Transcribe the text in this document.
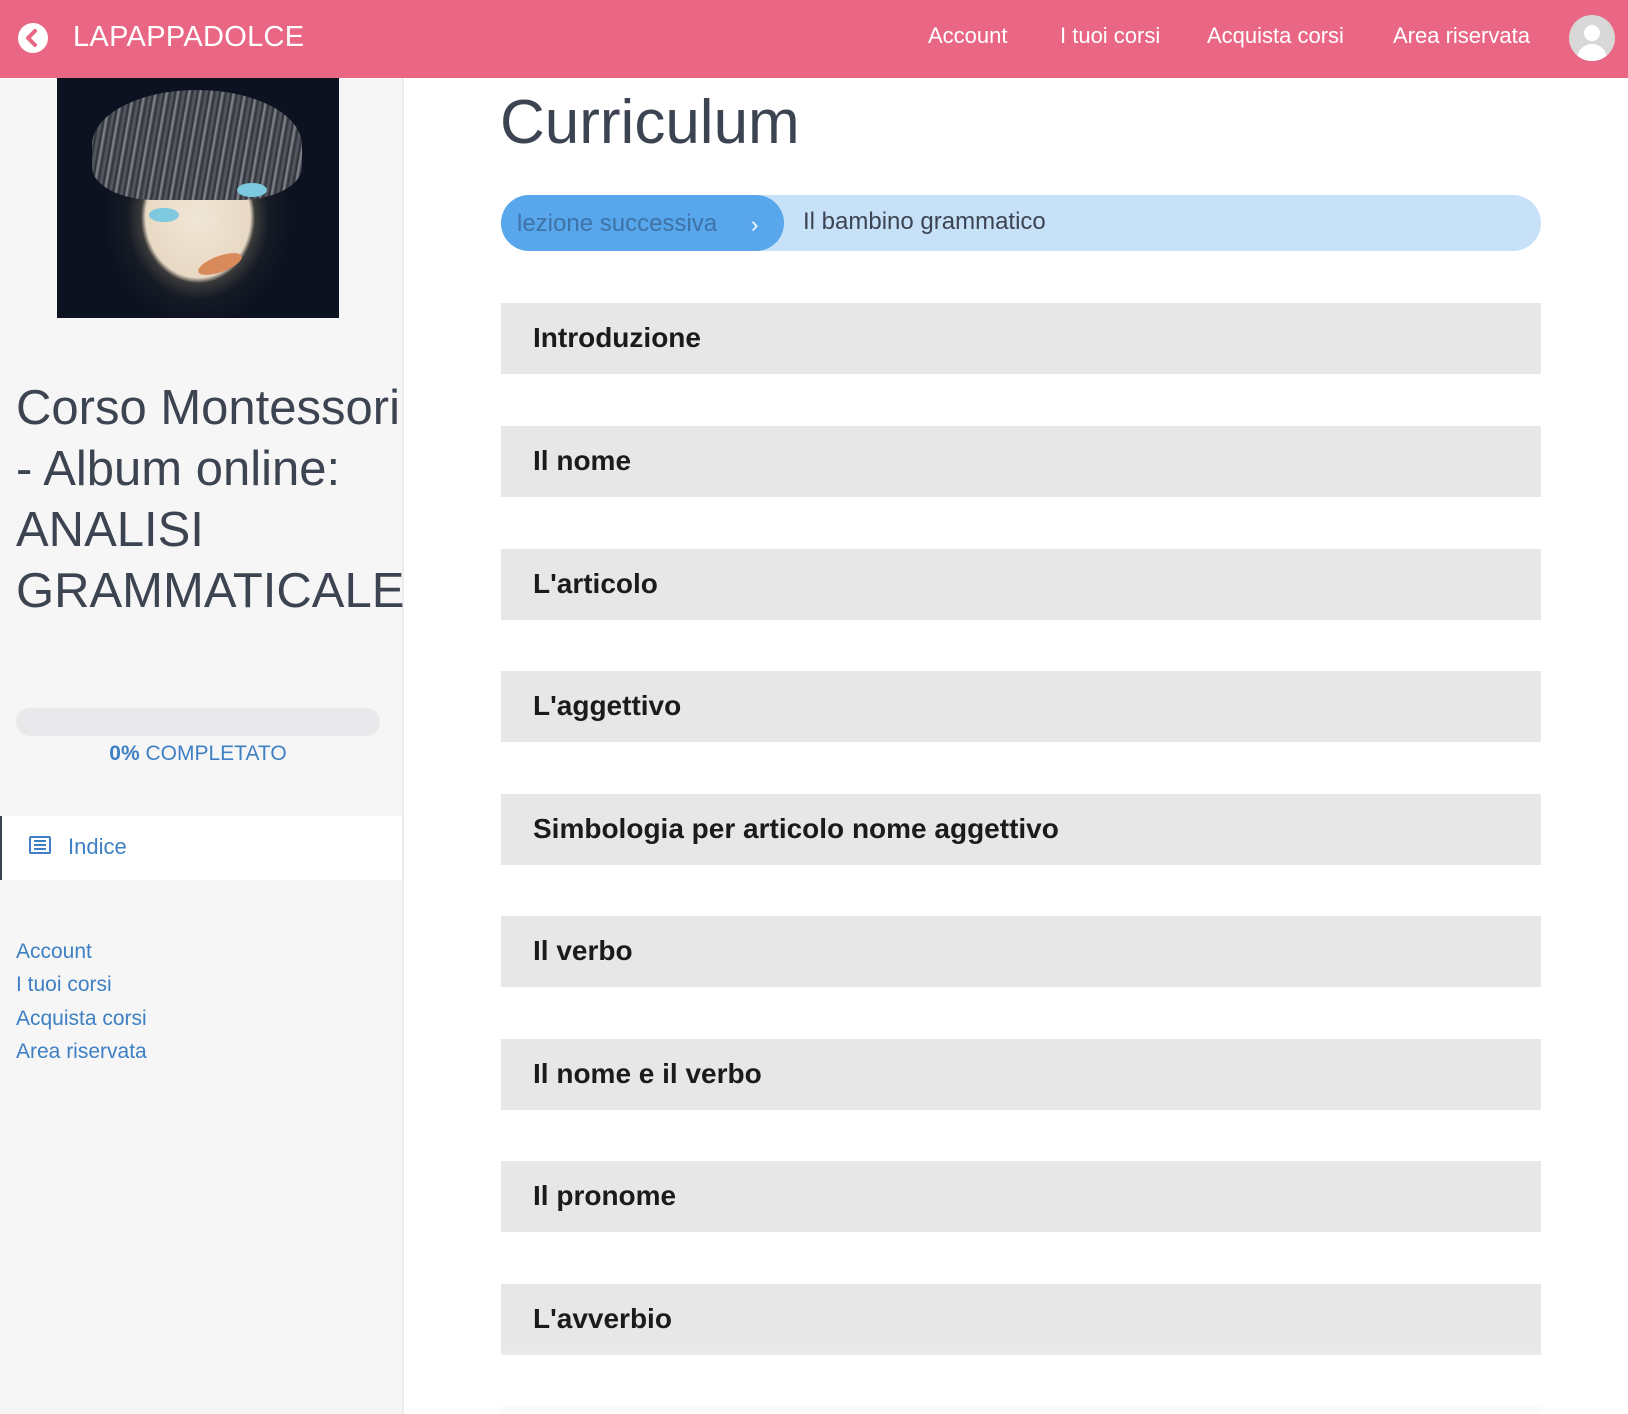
LAPAPPADOLCE	Account I tuoi corsi Acquista corsi Area riservata
Corso Montessori - Album online: ANALISI GRAMMATICALE
0% COMPLETATO
Indice
Account
I tuoi corsi
Acquista corsi
Area riservata
Curriculum
lezione successiva › Il bambino grammatico
Introduzione
Il nome
L'articolo
L'aggettivo
Simbologia per articolo nome aggettivo
Il verbo
Il nome e il verbo
Il pronome
L'avverbio
